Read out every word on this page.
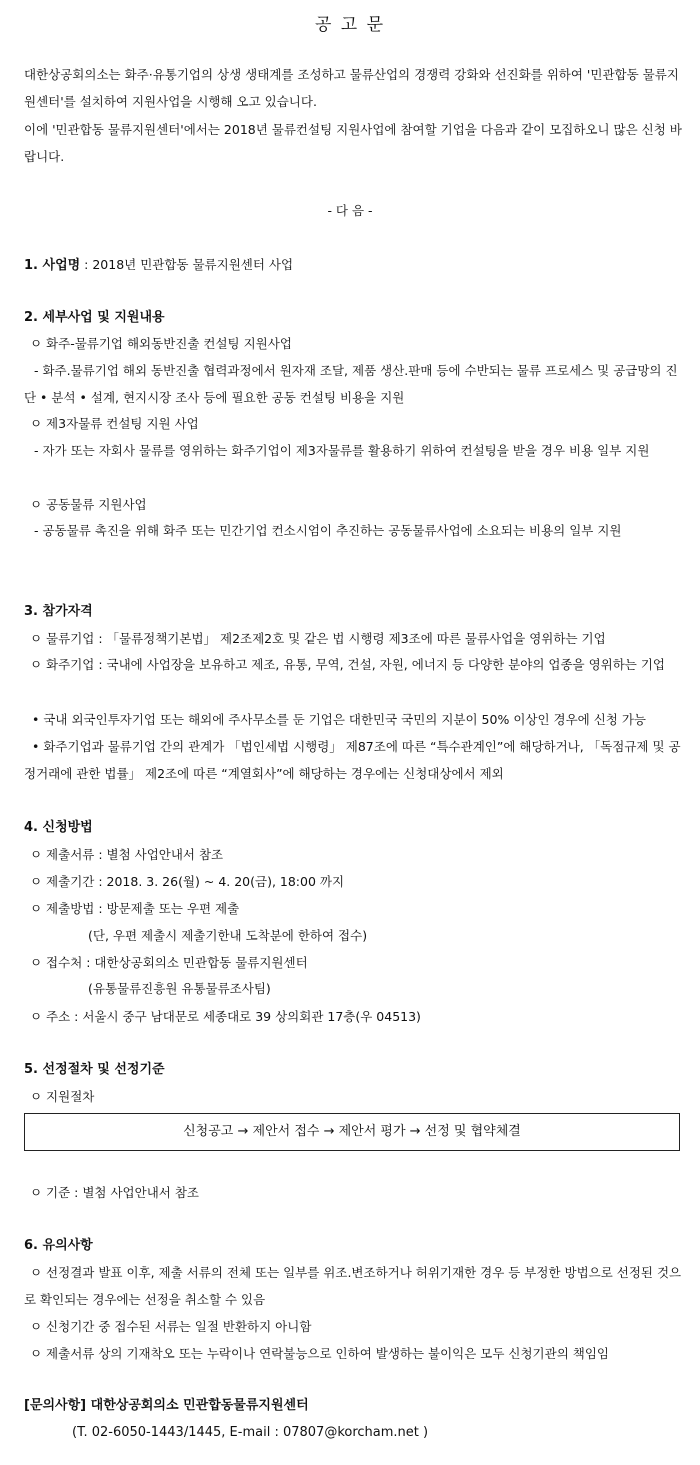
공 고 문
대한상공회의소는 화주·유통기업의 상생 생태계를 조성하고 물류산업의 경쟁력 강화와 선진화를 위하여 '민관합동 물류지원센터'를 설치하여 지원사업을 시행해 오고 있습니다.
이에 '민관합동 물류지원센터'에서는 2018년 물류컨설팅 지원사업에 참여할 기업을 다음과 같이 모집하오니 많은 신청 바랍니다.
- 다 음 -
1. 사업명 : 2018년 민관합동 물류지원센터 사업
2. 세부사업 및 지원내용
ㅇ 화주-물류기업 해외동반진출 컨설팅 지원사업
- 화주.물류기업 해외 동반진출 협력과정에서 원자재 조달, 제품 생산.판매 등에 수반되는 물류 프로세스 및 공급망의 진단 • 분석 • 설계, 현지시장 조사 등에 필요한 공동 컨설팅 비용을 지원
ㅇ 제3자물류 컨설팅 지원 사업
- 자가 또는 자회사 물류를 영위하는 화주기업이 제3자물류를 활용하기 위하여 컨설팅을 받을 경우 비용 일부 지원
ㅇ 공동물류 지원사업
- 공동물류 촉진을 위해 화주 또는 민간기업 컨소시엄이 추진하는 공동물류사업에 소요되는 비용의 일부 지원
3. 참가자격
ㅇ 물류기업 : 「물류정책기본법」 제2조제2호 및 같은 법 시행령 제3조에 따른 물류사업을 영위하는 기업
ㅇ 화주기업 : 국내에 사업장을 보유하고 제조, 유통, 무역, 건설, 자원, 에너지 등 다양한 분야의 업종을 영위하는 기업
• 국내 외국인투자기업 또는 해외에 주사무소를 둔 기업은 대한민국 국민의 지분이 50% 이상인 경우에 신청 가능
• 화주기업과 물류기업 간의 관계가 「법인세법 시행령」 제87조에 따른 “특수관계인”에 해당하거나, 「독점규제 및 공정거래에 관한 법률」 제2조에 따른 “계열회사”에 해당하는 경우에는 신청대상에서 제외
4. 신청방법
ㅇ 제출서류 : 별첨 사업안내서 참조
ㅇ 제출기간 : 2018. 3. 26(월) ~ 4. 20(금), 18:00 까지
ㅇ 제출방법 : 방문제출 또는 우편 제출
(단, 우편 제출시 제출기한내 도착분에 한하여 접수)
ㅇ 접수처 : 대한상공회의소 민관합동 물류지원센터
(유통물류진흥원 유통물류조사팀)
ㅇ 주소 : 서울시 중구 남대문로 세종대로 39 상의회관 17층(우 04513)
5. 선정절차 및 선정기준
ㅇ 지원절차
신청공고 → 제안서 접수 → 제안서 평가 → 선정 및 협약체결
ㅇ 기준 : 별첨 사업안내서 참조
6. 유의사항
ㅇ 선정결과 발표 이후, 제출 서류의 전체 또는 일부를 위조.변조하거나 허위기재한 경우 등 부정한 방법으로 선정된 것으로 확인되는 경우에는 선정을 취소할 수 있음
ㅇ 신청기간 중 접수된 서류는 일절 반환하지 아니함
ㅇ 제출서류 상의 기재착오 또는 누락이나 연락불능으로 인하여 발생하는 불이익은 모두 신청기관의 책임임
[문의사항] 대한상공회의소 민관합동물류지원센터
(T. 02-6050-1443/1445, E-mail : 07807@korcham.net )
